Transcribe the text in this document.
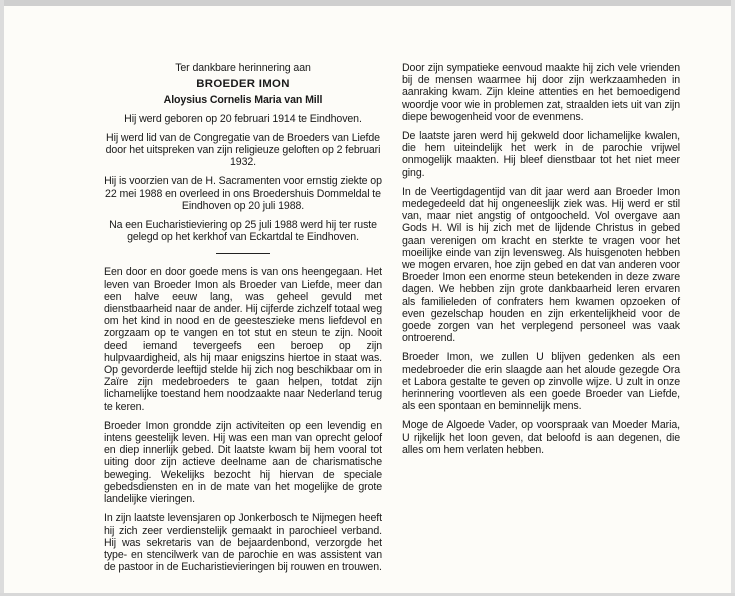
Ter dankbare herinnering aan

BROEDER IMON

Aloysius Cornelis Maria van Mill

Hij werd geboren op 20 februari 1914 te Eindhoven.

Hij werd lid van de Congregatie van de Broeders van Liefde door het uitspreken van zijn religieuze geloften op 2 februari 1932.

Hij is voorzien van de H. Sacramenten voor ernstig ziekte op 22 mei 1988 en overleed in ons Broedershuis Dommeldal te Eindhoven op 20 juli 1988.

Na een Eucharistieviering op 25 juli 1988 werd hij ter ruste gelegd op het kerkhof van Eckartdal te Eindhoven.

Een door en door goede mens is van ons heengegaan. Het leven van Broeder Imon als Broeder van Liefde, meer dan een halve eeuw lang, was geheel gevuld met dienstbaarheid naar de ander. Hij cijferde zichzelf totaal weg om het kind in nood en de geesteszieke mens liefdevol en zorgzaam op te vangen en tot stut en steun te zijn. Nooit deed iemand tevergeefs een beroep op zijn hulpvaardigheid, als hij maar enigszins hiertoe in staat was. Op gevorderde leeftijd stelde hij zich nog beschikbaar om in Zaïre zijn medebroeders te gaan helpen, totdat zijn lichamelijke toestand hem noodzaakte naar Nederland terug te keren.

Broeder Imon grondde zijn activiteiten op een levendig en intens geestelijk leven. Hij was een man van oprecht geloof en diep innerlijk gebed. Dit laatste kwam bij hem vooral tot uiting door zijn actieve deelname aan de charismatische beweging. Wekelijks bezocht hij hiervan de speciale gebedsdiensten en in de mate van het mogelijke de grote landelijke vieringen.

In zijn laatste levensjaren op Jonkerbosch te Nijmegen heeft hij zich zeer verdienstelijk gemaakt in parochieel verband. Hij was sekretaris van de bejaardenbond, verzorgde het type- en stencilwerk van de parochie en was assistent van de pastoor in de Eucharistievieringen bij rouwen en trouwen.

Door zijn sympatieke eenvoud maakte hij zich vele vrienden bij de mensen waarmee hij door zijn werkzaamheden in aanraking kwam. Zijn kleine attenties en het bemoedigend woordje voor wie in problemen zat, straalden iets uit van zijn diepe bewogenheid voor de evenmens.

De laatste jaren werd hij gekweld door lichamelijke kwalen, die hem uiteindelijk het werk in de parochie vrijwel onmogelijk maakten. Hij bleef dienstbaar tot het niet meer ging.

In de Veertigdagentijd van dit jaar werd aan Broeder Imon medegedeeld dat hij ongeneeslijk ziek was. Hij werd er stil van, maar niet angstig of ontgoocheld. Vol overgave aan Gods H. Wil is hij zich met de lijdende Christus in gebed gaan verenigen om kracht en sterkte te vragen voor het moeilijke einde van zijn levensweg. Als huisgenoten hebben we mogen ervaren, hoe zijn gebed en dat van anderen voor Broeder Imon een enorme steun betekenden in deze zware dagen. We hebben zijn grote dankbaarheid leren ervaren als familieleden of confraters hem kwamen opzoeken of even gezelschap houden en zijn erkentelijkheid voor de goede zorgen van het verplegend personeel was vaak ontroerend.

Broeder Imon, we zullen U blijven gedenken als een medebroeder die erin slaagde aan het aloude gezegde Ora et Labora gestalte te geven op zinvolle wijze. U zult in onze herinnering voortleven als een goede Broeder van Liefde, als een spontaan en beminnelijk mens.

Moge de Algoede Vader, op voorspraak van Moeder Maria, U rijkelijk het loon geven, dat beloofd is aan degenen, die alles om hem verlaten hebben.
